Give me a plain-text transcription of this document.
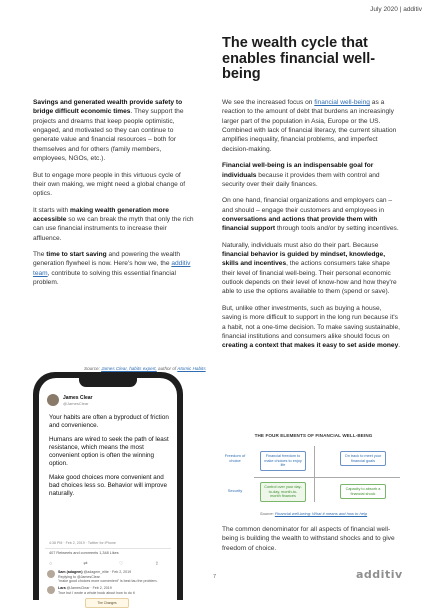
July 2020 | additiv
The wealth cycle that enables financial well-being

Savings and generated wealth provide safety to bridge difficult economic times. They support the projects and dreams that keep people optimistic, engaged, and motivated so they can continue to generate value and financial resources – both for themselves and for others (family members, employees, NGOs, etc.).

But to engage more people in this virtuous cycle of their own making, we might need a global change of optics.

It starts with making wealth generation more accessible so we can break the myth that only the rich can use financial instruments to increase their affluence.

The time to start saving and powering the wealth generation flywheel is now. Here's how we, the additiv team, contribute to solving this essential financial problem.

Source: James Clear, habits expert, author of Atomic Habits
James Clear
@JamesClear

Your habits are often a byproduct of friction and convenience.

Humans are wired to seek the path of least resistance, which means the most convenient option is often the winning option.

Make good choices more convenient and bad choices less so. Behavior will improve naturally.

4:38 PM · Feb 2, 2019 · Twitter for iPhone
407 Retweets and comments 1,348 Likes
○	⇄	♡	⇪
Sam (adagem) @adagem_elite · Feb 2, 2019
Replying to @JamesClear
"make good choices more convenient" is best tau the problem.
Lara @JamesClear · Feb 2, 2019
True but I wrote a whole book about how to do it
The Changes

We see the increased focus on financial well-being as a reaction to the amount of debt that burdens an increasingly larger part of the population in Asia, Europe or the US. Combined with lack of financial literacy, the current situation amplifies inequality, financial problems, and imperfect decision-making.

Financial well-being is an indispensable goal for individuals because it provides them with control and security over their daily finances.

On one hand, financial organizations and employers can – and should – engage their customers and employees in conversations and actions that provide them with financial support through tools and/or by setting incentives.

Naturally, individuals must also do their part. Because financial behavior is guided by mindset, knowledge, skills and incentives, the actions consumers take shape their level of financial well-being. Their personal economic outlook depends on their level of know-how and how they're able to use the options available to them (spend or save).

But, unlike other investments, such as buying a house, saving is more difficult to support in the long run because it's a habit, not a one-time decision. To make saving sustainable, financial institutions and consumers alike should focus on creating a context that makes it easy to set aside money.

THE FOUR ELEMENTS OF FINANCIAL WELL-BEING
Freedom of choice
Security
Financial freedom to make choices to enjoy life
On track to meet your financial goals
Control over your day-to-day, month-to-month finances
Capacity to absorb a financial shock
Source: Financial well-being: What it means and how to help

The common denominator for all aspects of financial well-being is building the wealth to withstand shocks and to give freedom of choice.

7	additiv
